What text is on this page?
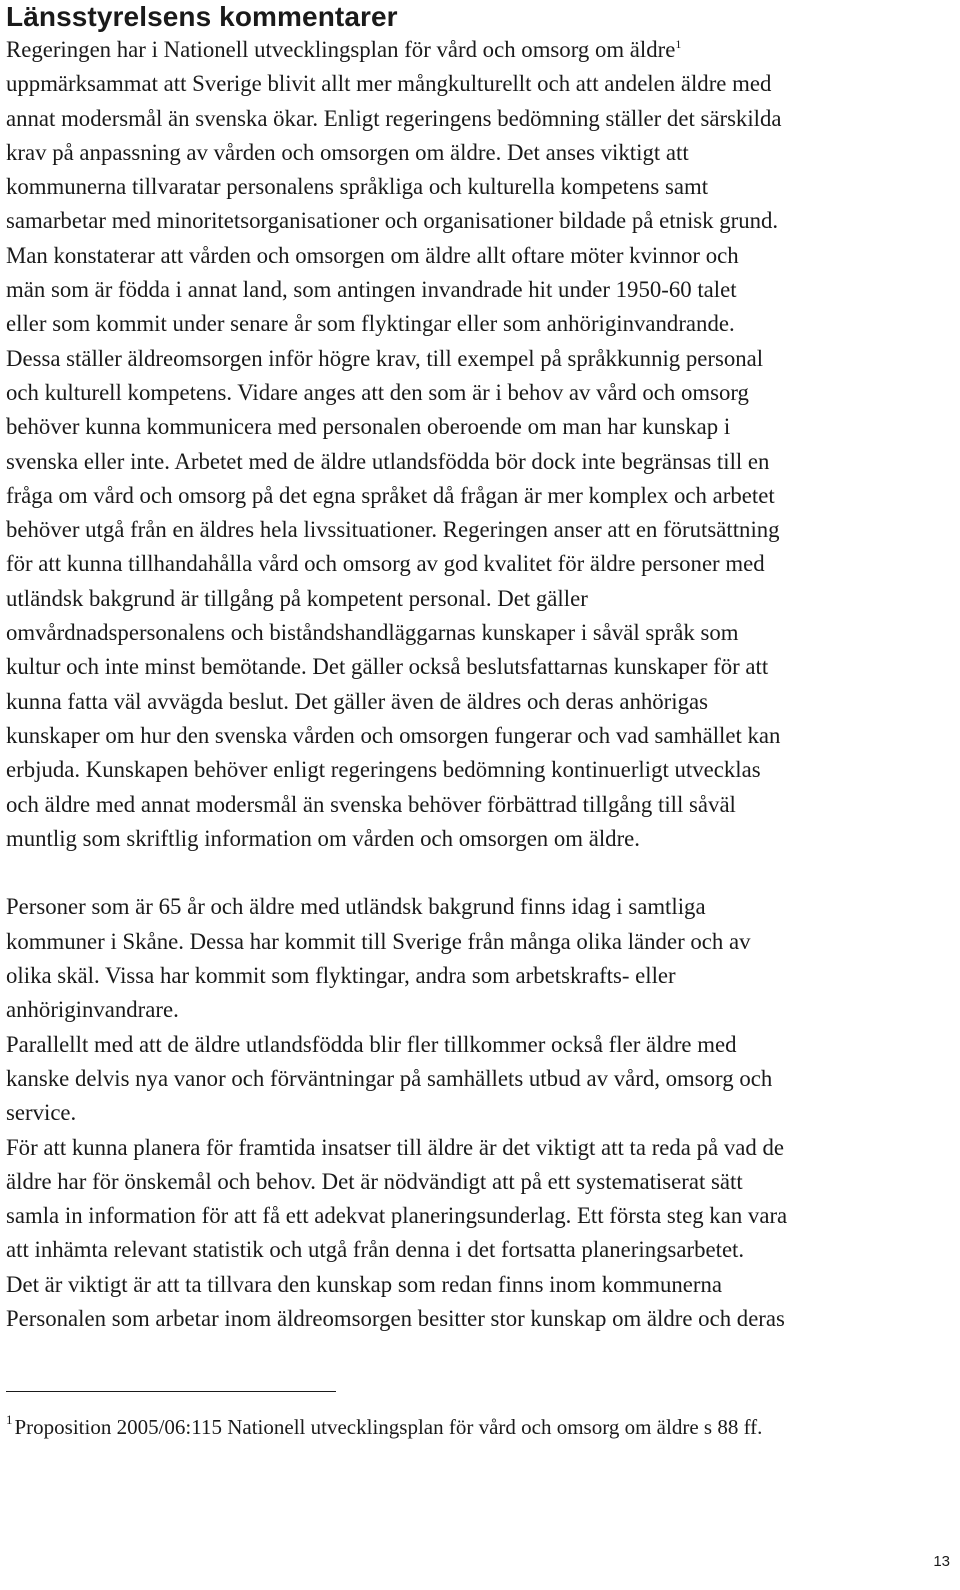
Länsstyrelsens kommentarer
Regeringen har i Nationell utvecklingsplan för vård och omsorg om äldre$^1$
uppmärksammat att Sverige blivit allt mer mångkulturellt och att andelen äldre med
annat modersmål än svenska ökar. Enligt regeringens bedömning ställer det särskilda
krav på anpassning av vården och omsorgen om äldre. Det anses viktigt att
kommunerna tillvaratar personalens språkliga och kulturella kompetens samt
samarbetar med minoritetsorganisationer och organisationer bildade på etnisk grund.
Man konstaterar att vården och omsorgen om äldre allt oftare möter kvinnor och
män som är födda i annat land, som antingen invandrade hit under 1950-60 talet
eller som kommit under senare år som flyktingar eller som anhöriginvandrande.
Dessa ställer äldreomsorgen inför högre krav, till exempel på språkkunnig personal
och kulturell kompetens. Vidare anges att den som är i behov av vård och omsorg
behöver kunna kommunicera med personalen oberoende om man har kunskap i
svenska eller inte. Arbetet med de äldre utlandsfödda bör dock inte begränsas till en
fråga om vård och omsorg på det egna språket då frågan är mer komplex och arbetet
behöver utgå från en äldres hela livssituationer. Regeringen anser att en förutsättning
för att kunna tillhandahålla vård och omsorg av god kvalitet för äldre personer med
utländsk bakgrund är tillgång på kompetent personal. Det gäller
omvårdnadspersonalens och biståndshandläggarnas kunskaper i såväl språk som
kultur och inte minst bemötande. Det gäller också beslutsfattarnas kunskaper för att
kunna fatta väl avvägda beslut. Det gäller även de äldres och deras anhörigas
kunskaper om hur den svenska vården och omsorgen fungerar och vad samhället kan
erbjuda. Kunskapen behöver enligt regeringens bedömning kontinuerligt utvecklas
och äldre med annat modersmål än svenska behöver förbättrad tillgång till såväl
muntlig som skriftlig information om vården och omsorgen om äldre.
Personer som är 65 år och äldre med utländsk bakgrund finns idag i samtliga
kommuner i Skåne. Dessa har kommit till Sverige från många olika länder och av
olika skäl. Vissa har kommit som flyktingar, andra som arbetskrafts- eller
anhöriginvandrare.
Parallellt med att de äldre utlandsfödda blir fler tillkommer också fler äldre med
kanske delvis nya vanor och förväntningar på samhällets utbud av vård, omsorg och
service.
För att kunna planera för framtida insatser till äldre är det viktigt att ta reda på vad de
äldre har för önskemål och behov. Det är nödvändigt att på ett systematiserat sätt
samla in information för att få ett adekvat planeringsunderlag. Ett första steg kan vara
att inhämta relevant statistik och utgå från denna i det fortsatta planeringsarbetet.
Det är viktigt är att ta tillvara den kunskap som redan finns inom kommunerna
Personalen som arbetar inom äldreomsorgen besitter stor kunskap om äldre och deras
$^1$Proposition 2005/06:115 Nationell utvecklingsplan för vård och omsorg om äldre s 88 ff.
13
